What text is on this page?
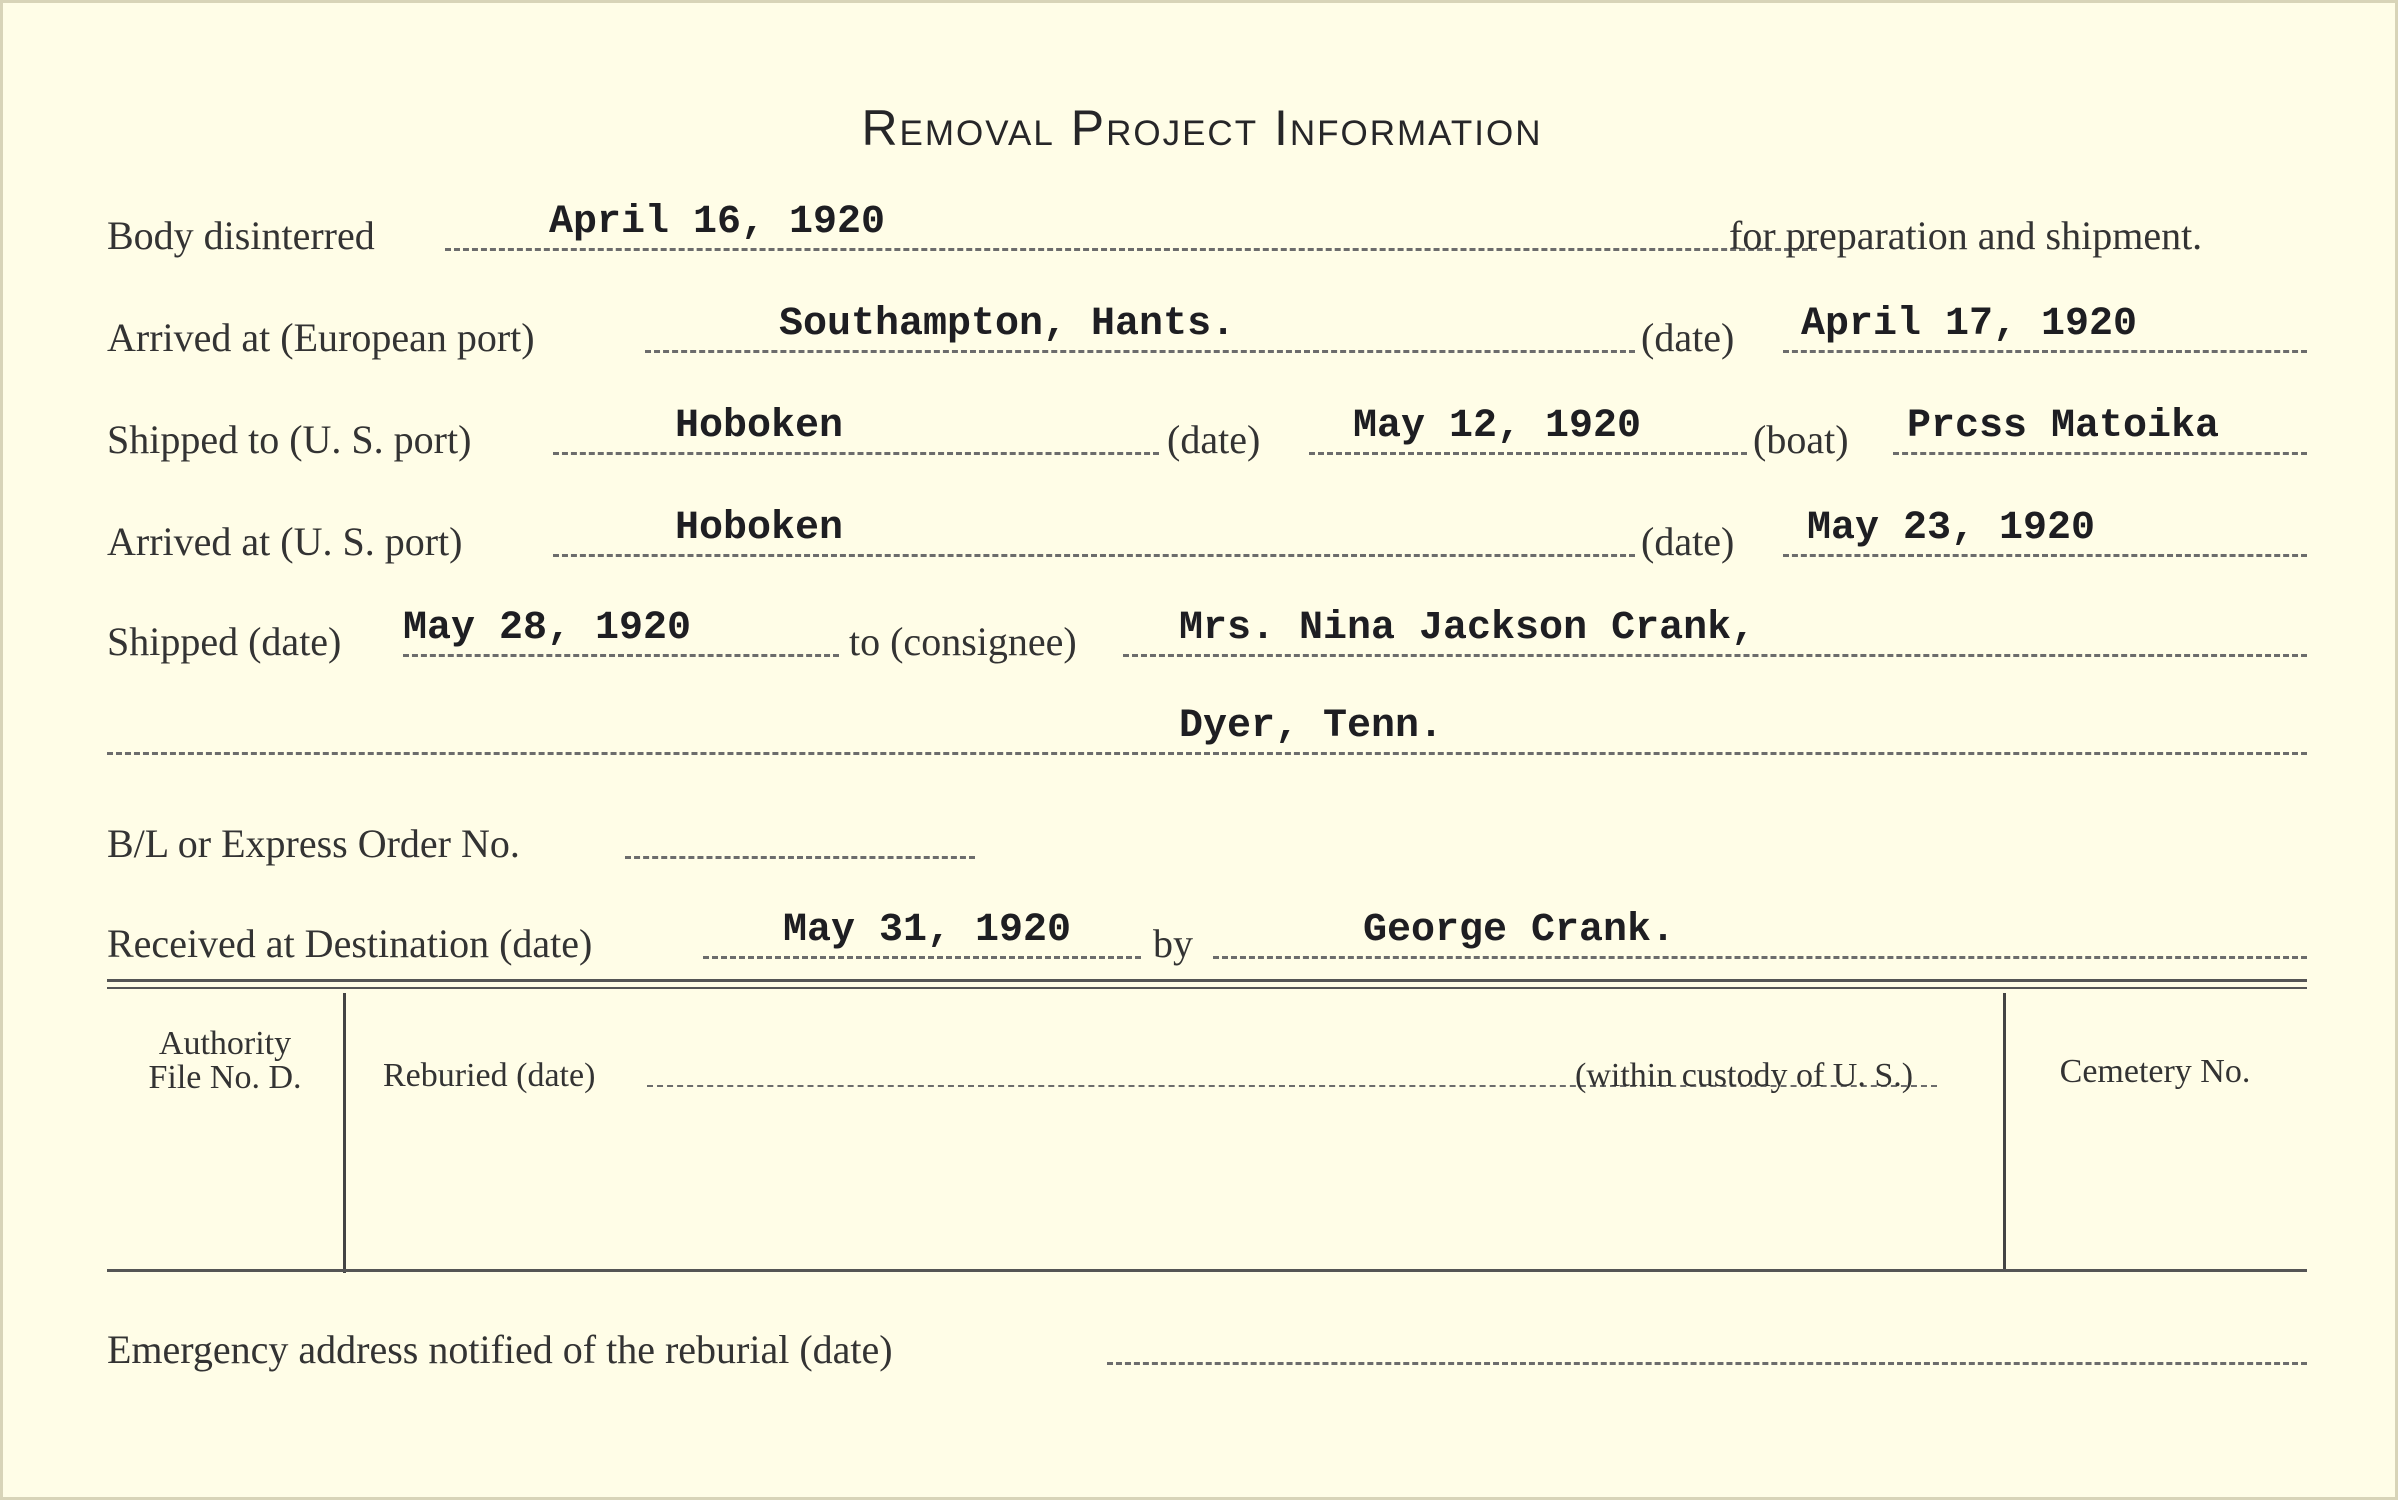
Removal Project Information
Body disinterred	April 16, 1920	for preparation and shipment.
Arrived at (European port)	Southampton, Hants.	(date) April 17, 1920
Shipped to (U. S. port)	Hoboken	(date) May 12, 1920	(boat) Prcss Matoika
Arrived at (U. S. port)	Hoboken	(date) May 23, 1920
Shipped (date) May 28, 1920	to (consignee)	Mrs. Nina Jackson Crank,
Dyer, Tenn.
B/L or Express Order No.
Received at Destination (date)	May 31, 1920 by	George Crank.
Authority
File No. D.	Reburied (date)	(within custody of U. S.)	Cemetery No.
Emergency address notified of the reburial (date)
